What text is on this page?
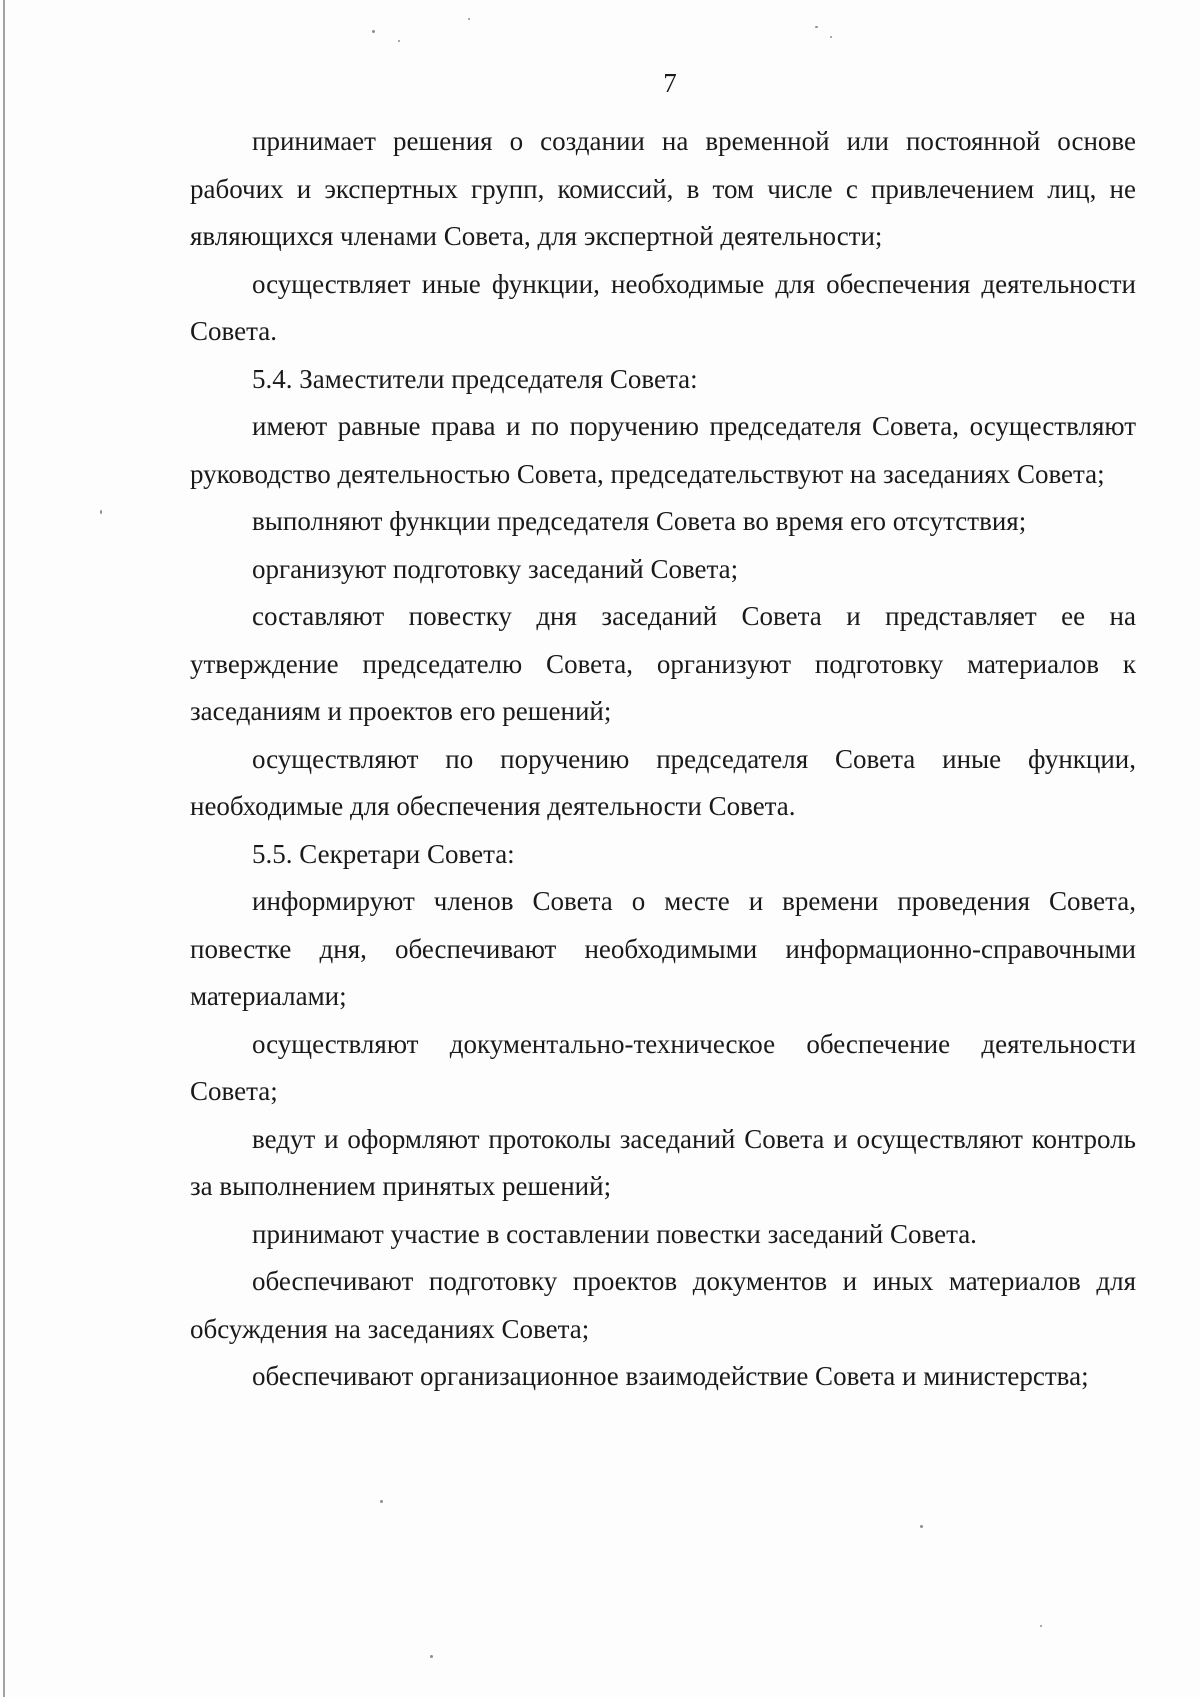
7

принимает решения о создании на временной или постоянной основе рабочих и экспертных групп, комиссий, в том числе с привлечением лиц, не являющихся членами Совета, для экспертной деятельности;

осуществляет иные функции, необходимые для обеспечения деятельности Совета.

5.4. Заместители председателя Совета:

имеют равные права и по поручению председателя Совета, осуществляют руководство деятельностью Совета, председательствуют на заседаниях Совета;

выполняют функции председателя Совета во время его отсутствия;

организуют подготовку заседаний Совета;

составляют повестку дня заседаний Совета и представляет ее на утверждение председателю Совета, организуют подготовку материалов к заседаниям и проектов его решений;

осуществляют по поручению председателя Совета иные функции, необходимые для обеспечения деятельности Совета.

5.5. Секретари Совета:

информируют членов Совета о месте и времени проведения Совета, повестке дня, обеспечивают необходимыми информационно-справочными материалами;

осуществляют документально-техническое обеспечение деятельности Совета;

ведут и оформляют протоколы заседаний Совета и осуществляют контроль за выполнением принятых решений;

принимают участие в составлении повестки заседаний Совета.

обеспечивают подготовку проектов документов и иных материалов для обсуждения на заседаниях Совета;

обеспечивают организационное взаимодействие Совета и министерства;
